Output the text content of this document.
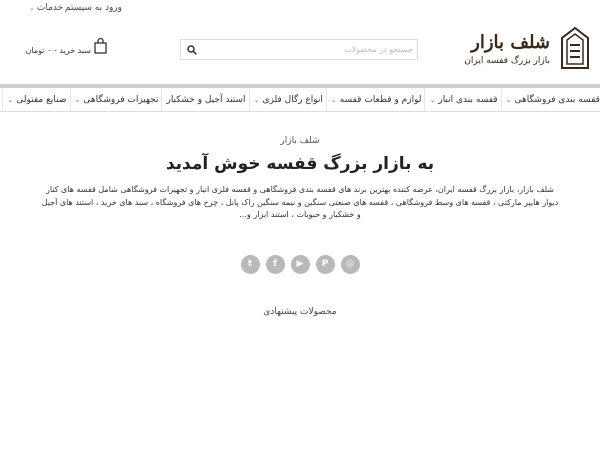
ورود به سیستم
خدمات⌄
شلف بازار
بازار بزرگ قفسه ایران
جستجو در محصولات
سبد خرید - ۰ تومان
قفسه بندی فروشگاهی
⌄
قفسه بندی انبار
⌄
لوازم و قطعات قفسه
⌄
انواع رگال فلزی
⌄
استند آجیل و خشکبار
تجهیزات فروشگاهی
⌄
صنایع مفتولی
⌄
شلف بازار
به بازار بزرگ قفسه خوش آمدید

شلف بازار، بازار بزرگ قفسه ایران، عرضه کننده بهترین برند های قفسه بندی فروشگاهی و قفسه فلزی انبار و تجهیزات فروشگاهی شامل قفسه های کنار دیوار هایپر مارکتی ، قفسه های وسط فروشگاهی ، قفسه های صنعتی سنگین و نیمه سنگین راک پانل ، چرخ های فروشگاه ، سبد های خرید ، استند های آجیل و خشکبار و حبوبات ، استند ابزار و...

t f ▶ P ◎
محصولات پیشنهادی
